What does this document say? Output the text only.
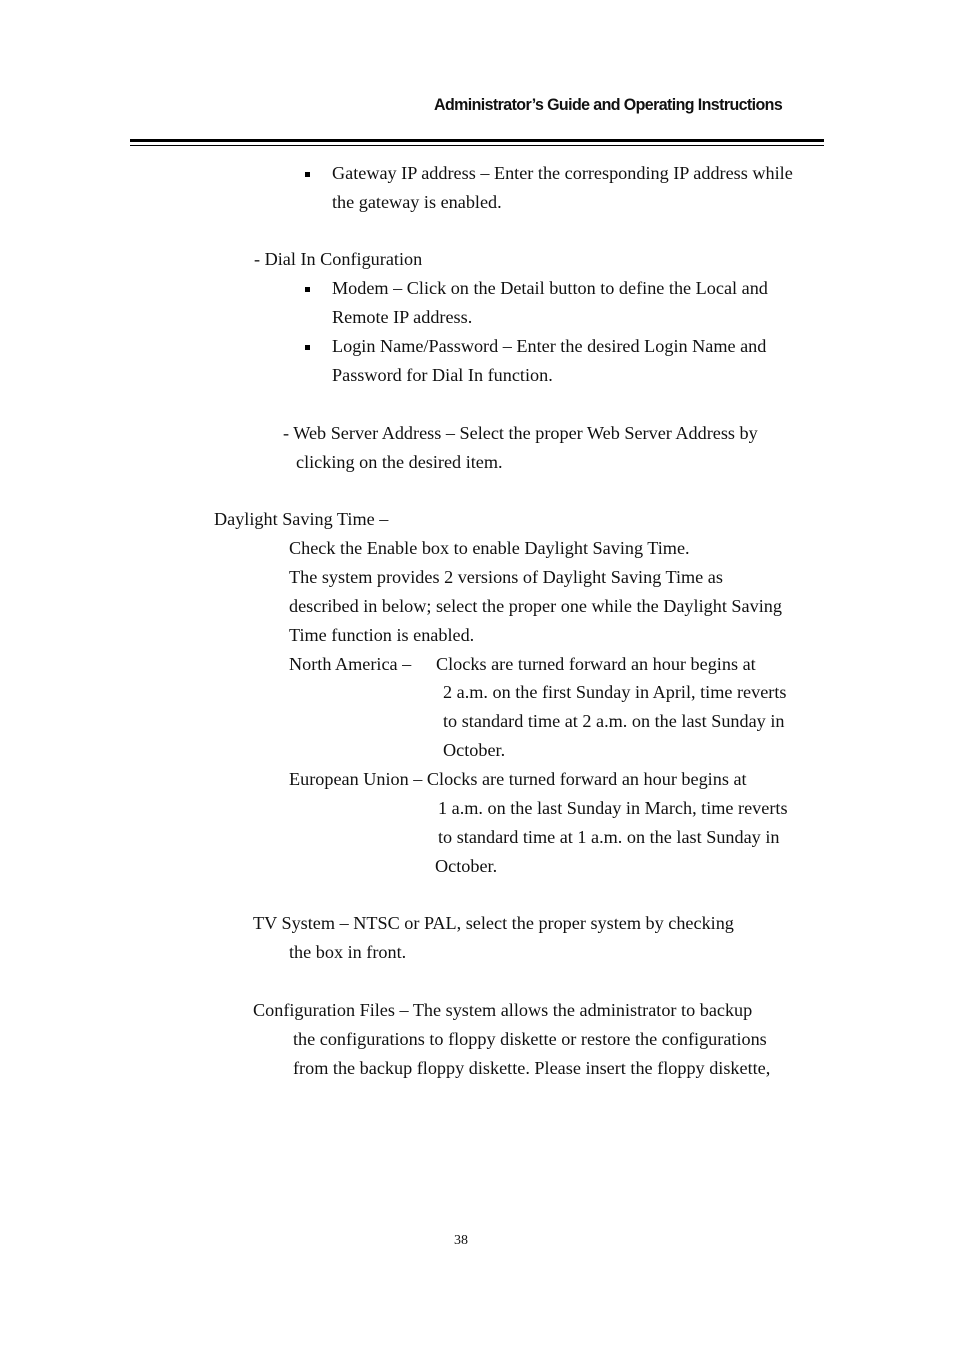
Administrator’s Guide and Operating Instructions
Gateway IP address – Enter the corresponding IP address while
the gateway is enabled.
- Dial In Configuration
Modem – Click on the Detail button to define the Local and
Remote IP address.
Login Name/Password – Enter the desired Login Name and
Password for Dial In function.
- Web Server Address – Select the proper Web Server Address by
clicking on the desired item.
Daylight Saving Time –
Check the Enable box to enable Daylight Saving Time.
The system provides 2 versions of Daylight Saving Time as
described in below; select the proper one while the Daylight Saving
Time function is enabled.
North America – Clocks are turned forward an hour begins at
2 a.m. on the first Sunday in April, time reverts
to standard time at 2 a.m. on the last Sunday in
October.
European Union – Clocks are turned forward an hour begins at
1 a.m. on the last Sunday in March, time reverts
to standard time at 1 a.m. on the last Sunday in
October.
TV System – NTSC or PAL, select the proper system by checking
the box in front.
Configuration Files – The system allows the administrator to backup
the configurations to floppy diskette or restore the configurations
from the backup floppy diskette. Please insert the floppy diskette,
38
